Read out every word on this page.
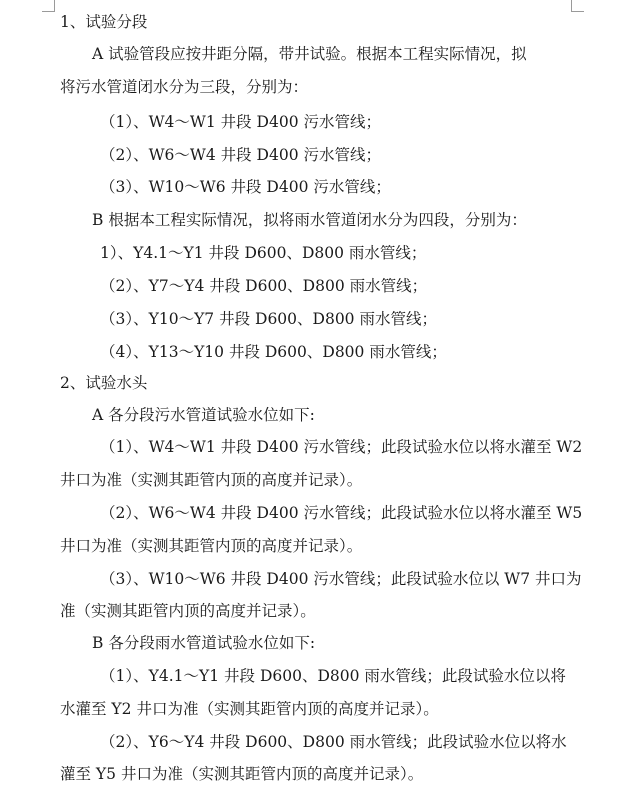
1、试验分段
A 试验管段应按井距分隔，带井试验。根据本工程实际情况，拟
将污水管道闭水分为三段，分别为：
（1）、W4～W1 井段 D400 污水管线；
（2）、W6～W4 井段 D400 污水管线；
（3）、W10～W6 井段 D400 污水管线；
B 根据本工程实际情况，拟将雨水管道闭水分为四段，分别为：
1）、Y4.1～Y1 井段 D600、D800 雨水管线；
（2）、Y7～Y4 井段 D600、D800 雨水管线；
（3）、Y10～Y7 井段 D600、D800 雨水管线；
（4）、Y13～Y10 井段 D600、D800 雨水管线；
2、试验水头
A 各分段污水管道试验水位如下:
（1）、W4～W1 井段 D400 污水管线；此段试验水位以将水灌至 W2
井口为准（实测其距管内顶的高度并记录）。
（2）、W6～W4 井段 D400 污水管线；此段试验水位以将水灌至 W5
井口为准（实测其距管内顶的高度并记录）。
（3）、W10～W6 井段 D400 污水管线；此段试验水位以 W7 井口为
准（实测其距管内顶的高度并记录）。
B 各分段雨水管道试验水位如下:
（1）、Y4.1～Y1 井段 D600、D800 雨水管线；此段试验水位以将
水灌至 Y2 井口为准（实测其距管内顶的高度并记录）。
（2）、Y6～Y4 井段 D600、D800 雨水管线；此段试验水位以将水
灌至 Y5 井口为准（实测其距管内顶的高度并记录）。
